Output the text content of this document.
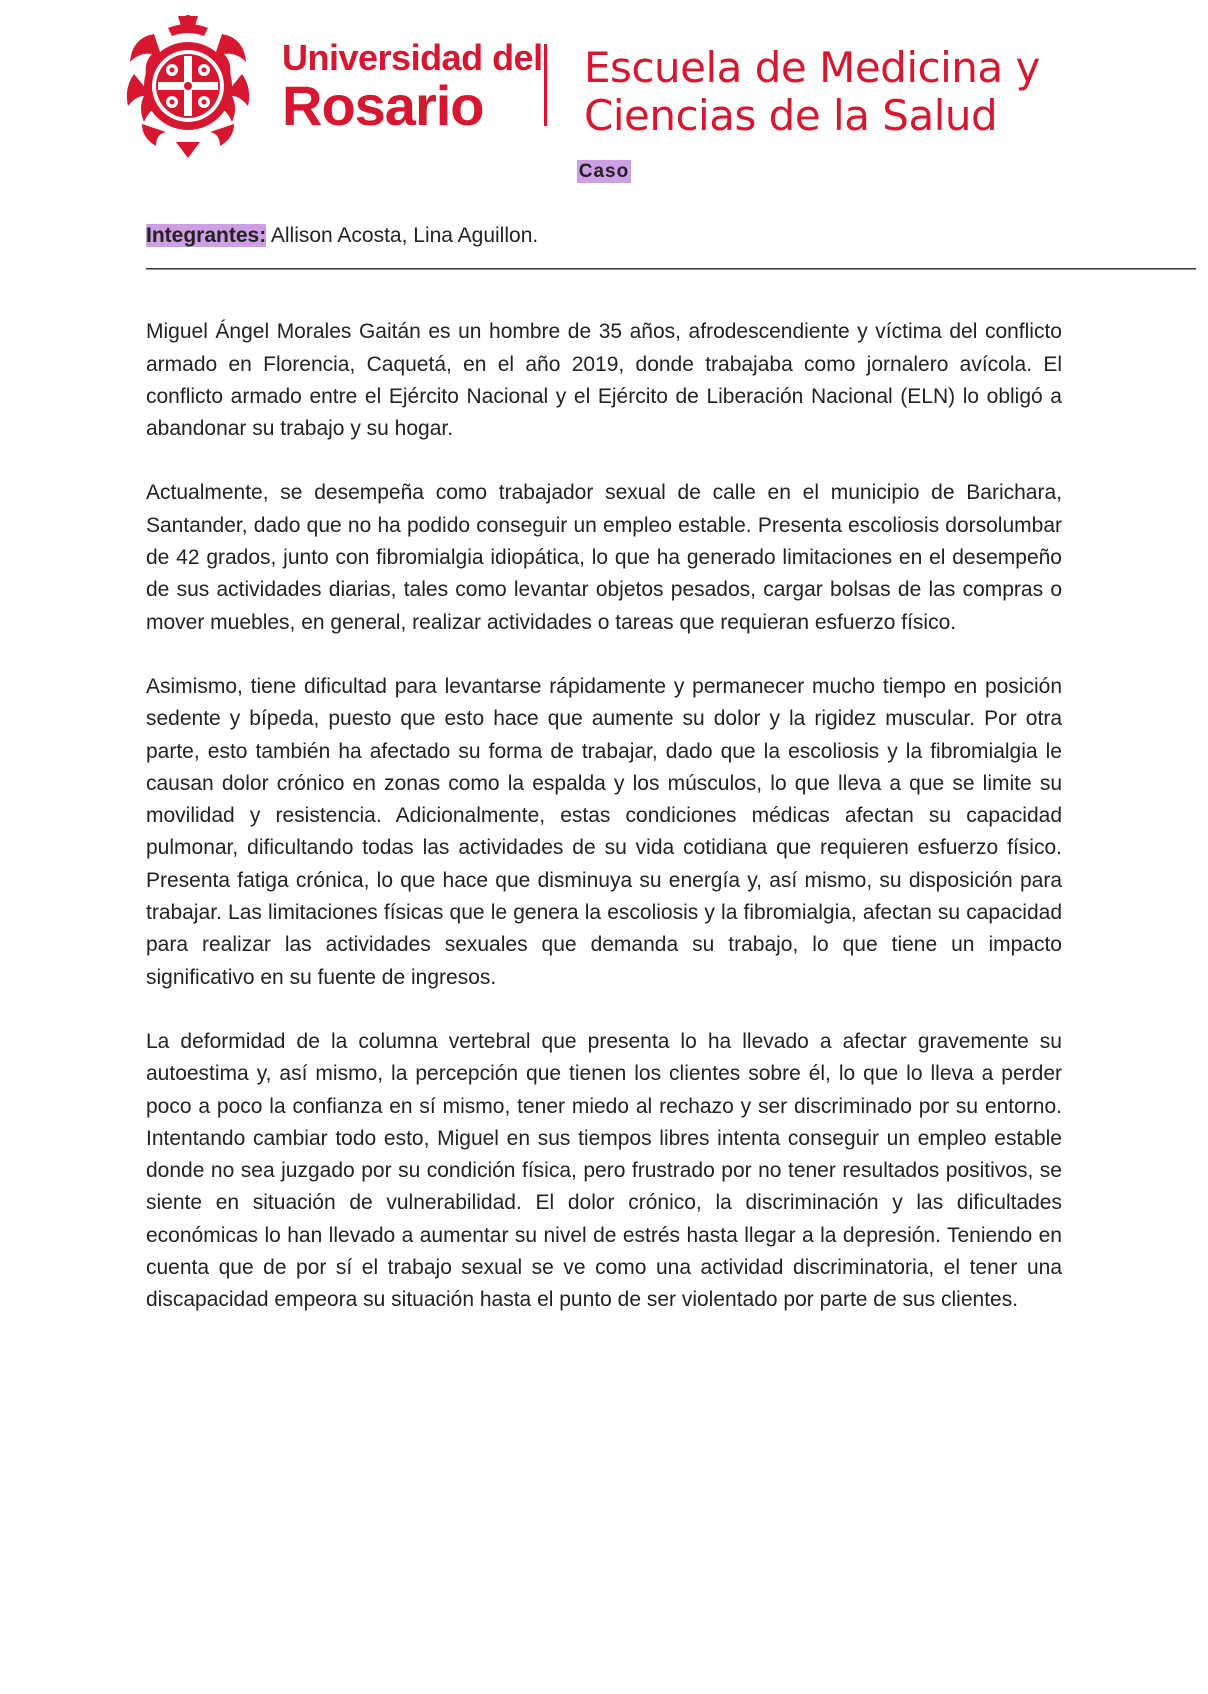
Universidad del
Rosario
Escuela de Medicina y
Ciencias de la Salud
Caso

Integrantes: Allison Acosta, Lina Aguillon.

——————————————————————————————————————————————————

Miguel Ángel Morales Gaitán es un hombre de 35 años, afrodescendiente y víctima del conflicto armado en Florencia, Caquetá, en el año 2019, donde trabajaba como jornalero avícola. El conflicto armado entre el Ejército Nacional y el Ejército de Liberación Nacional (ELN) lo obligó a abandonar su trabajo y su hogar.

Actualmente, se desempeña como trabajador sexual de calle en el municipio de Barichara, Santander, dado que no ha podido conseguir un empleo estable. Presenta escoliosis dorsolumbar de 42 grados, junto con fibromialgia idiopática, lo que ha generado limitaciones en el desempeño de sus actividades diarias, tales como levantar objetos pesados, cargar bolsas de las compras o mover muebles, en general, realizar actividades o tareas que requieran esfuerzo físico.

Asimismo, tiene dificultad para levantarse rápidamente y permanecer mucho tiempo en posición sedente y bípeda, puesto que esto hace que aumente su dolor y la rigidez muscular. Por otra parte, esto también ha afectado su forma de trabajar, dado que la escoliosis y la fibromialgia le causan dolor crónico en zonas como la espalda y los músculos, lo que lleva a que se limite su movilidad y resistencia. Adicionalmente, estas condiciones médicas afectan su capacidad pulmonar, dificultando todas las actividades de su vida cotidiana que requieren esfuerzo físico. Presenta fatiga crónica, lo que hace que disminuya su energía y, así mismo, su disposición para trabajar. Las limitaciones físicas que le genera la escoliosis y la fibromialgia, afectan su capacidad para realizar las actividades sexuales que demanda su trabajo, lo que tiene un impacto significativo en su fuente de ingresos.

La deformidad de la columna vertebral que presenta lo ha llevado a afectar gravemente su autoestima y, así mismo, la percepción que tienen los clientes sobre él, lo que lo lleva a perder poco a poco la confianza en sí mismo, tener miedo al rechazo y ser discriminado por su entorno. Intentando cambiar todo esto, Miguel en sus tiempos libres intenta conseguir un empleo estable donde no sea juzgado por su condición física, pero frustrado por no tener resultados positivos, se siente en situación de vulnerabilidad. El dolor crónico, la discriminación y las dificultades económicas lo han llevado a aumentar su nivel de estrés hasta llegar a la depresión. Teniendo en cuenta que de por sí el trabajo sexual se ve como una actividad discriminatoria, el tener una discapacidad empeora su situación hasta el punto de ser violentado por parte de sus clientes.
